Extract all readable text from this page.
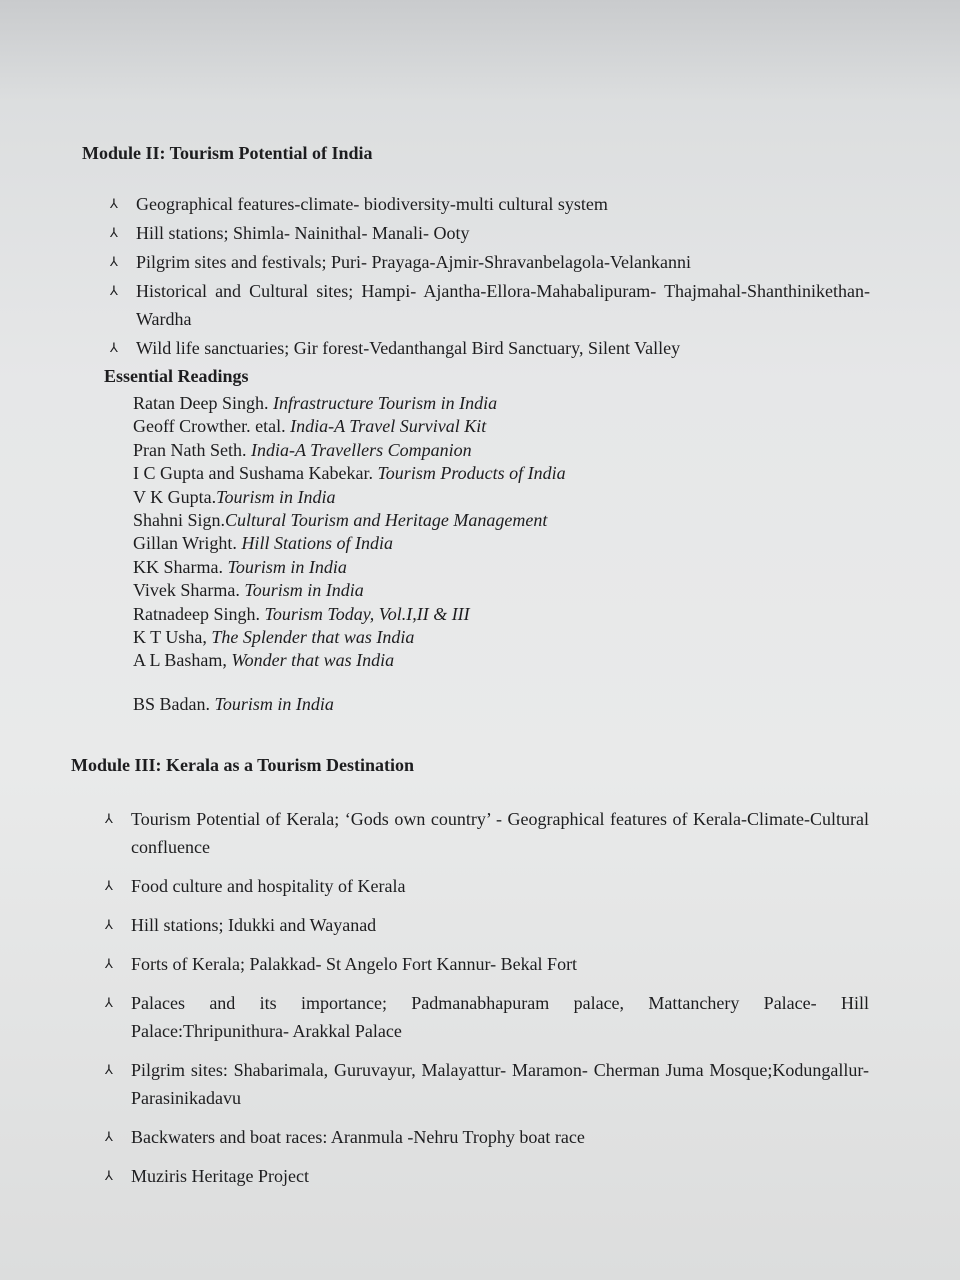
Module II: Tourism Potential of India
⅄ Geographical features-climate- biodiversity-multi cultural system
⅄ Hill stations; Shimla- Nainithal- Manali- Ooty
⅄ Pilgrim sites and festivals; Puri- Prayaga-Ajmir-Shravanbelagola-Velankanni
⅄ Historical and Cultural sites; Hampi- Ajantha-Ellora-Mahabalipuram- Thajmahal-Shanthinikethan-Wardha
⅄ Wild life sanctuaries; Gir forest-Vedanthangal Bird Sanctuary, Silent Valley
Essential Readings
Ratan Deep Singh. Infrastructure Tourism in India
Geoff Crowther. etal. India-A Travel Survival Kit
Pran Nath Seth. India-A Travellers Companion
I C Gupta and Sushama Kabekar. Tourism Products of India
V K Gupta.Tourism in India
Shahni Sign.Cultural Tourism and Heritage Management
Gillan Wright. Hill Stations of India
KK Sharma. Tourism in India
Vivek Sharma. Tourism in India
Ratnadeep Singh. Tourism Today, Vol.I,II & III
K T Usha, The Splender that was India
A L Basham, Wonder that was India
BS Badan. Tourism in India
Module III: Kerala as a Tourism Destination
⅄ Tourism Potential of Kerala; ‘Gods own country’ - Geographical features of Kerala-Climate-Cultural confluence
⅄ Food culture and hospitality of Kerala
⅄ Hill stations; Idukki and Wayanad
⅄ Forts of Kerala; Palakkad- St Angelo Fort Kannur- Bekal Fort
⅄ Palaces and its importance; Padmanabhapuram palace, Mattanchery Palace- Hill Palace:Thripunithura- Arakkal Palace
⅄ Pilgrim sites: Shabarimala, Guruvayur, Malayattur- Maramon- Cherman Juma Mosque;Kodungallur- Parasinikadavu
⅄ Backwaters and boat races: Aranmula -Nehru Trophy boat race
⅄ Muziris Heritage Project
